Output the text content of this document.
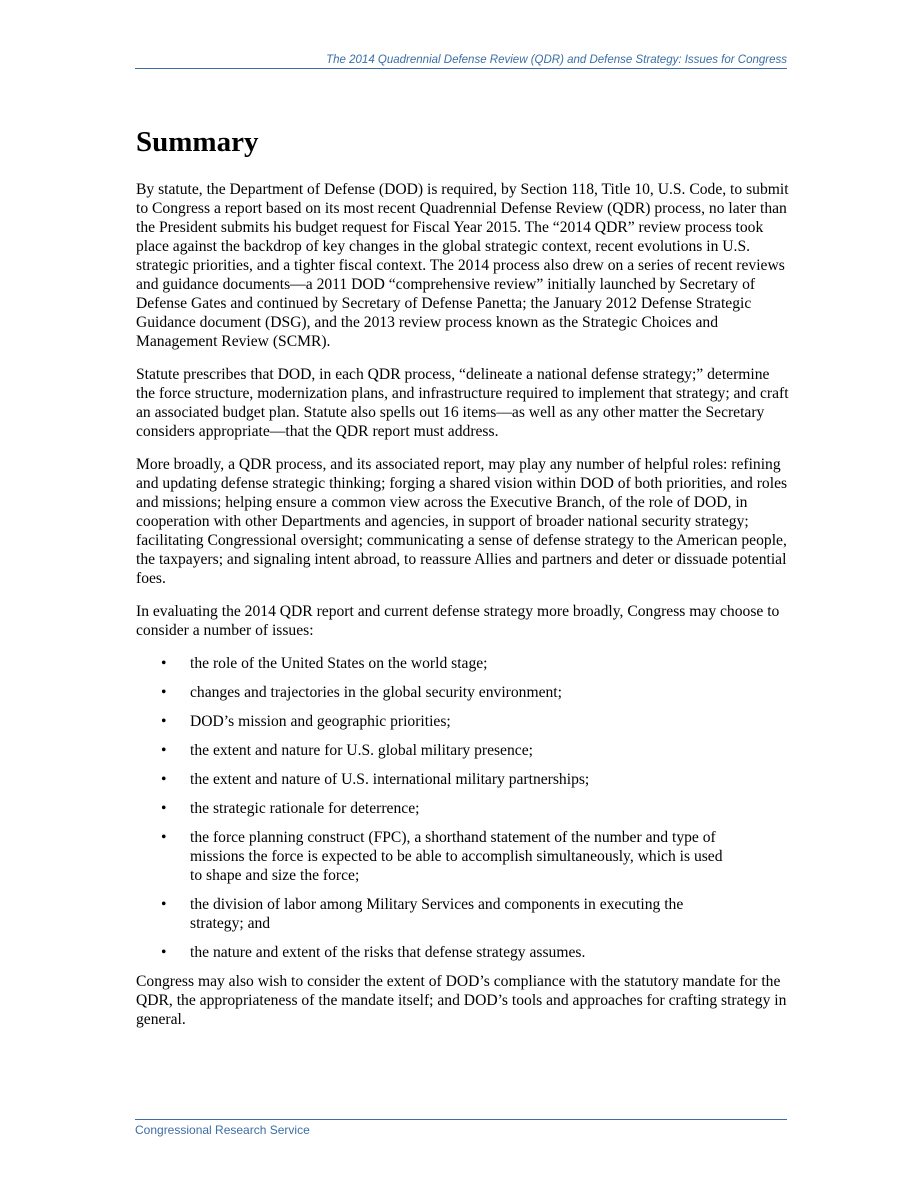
The 2014 Quadrennial Defense Review (QDR) and Defense Strategy: Issues for Congress
Summary

By statute, the Department of Defense (DOD) is required, by Section 118, Title 10, U.S. Code, to submit to Congress a report based on its most recent Quadrennial Defense Review (QDR) process, no later than the President submits his budget request for Fiscal Year 2015. The “2014 QDR” review process took place against the backdrop of key changes in the global strategic context, recent evolutions in U.S. strategic priorities, and a tighter fiscal context. The 2014 process also drew on a series of recent reviews and guidance documents—a 2011 DOD “comprehensive review” initially launched by Secretary of Defense Gates and continued by Secretary of Defense Panetta; the January 2012 Defense Strategic Guidance document (DSG), and the 2013 review process known as the Strategic Choices and Management Review (SCMR).

Statute prescribes that DOD, in each QDR process, “delineate a national defense strategy;” determine the force structure, modernization plans, and infrastructure required to implement that strategy; and craft an associated budget plan. Statute also spells out 16 items—as well as any other matter the Secretary considers appropriate—that the QDR report must address.

More broadly, a QDR process, and its associated report, may play any number of helpful roles: refining and updating defense strategic thinking; forging a shared vision within DOD of both priorities, and roles and missions; helping ensure a common view across the Executive Branch, of the role of DOD, in cooperation with other Departments and agencies, in support of broader national security strategy; facilitating Congressional oversight; communicating a sense of defense strategy to the American people, the taxpayers; and signaling intent abroad, to reassure Allies and partners and deter or dissuade potential foes.

In evaluating the 2014 QDR report and current defense strategy more broadly, Congress may choose to consider a number of issues:

• the role of the United States on the world stage;
• changes and trajectories in the global security environment;
• DOD’s mission and geographic priorities;
• the extent and nature for U.S. global military presence;
• the extent and nature of U.S. international military partnerships;
• the strategic rationale for deterrence;
• the force planning construct (FPC), a shorthand statement of the number and type of missions the force is expected to be able to accomplish simultaneously, which is used to shape and size the force;
• the division of labor among Military Services and components in executing the strategy; and
• the nature and extent of the risks that defense strategy assumes.

Congress may also wish to consider the extent of DOD’s compliance with the statutory mandate for the QDR, the appropriateness of the mandate itself; and DOD’s tools and approaches for crafting strategy in general.

Congressional Research Service
